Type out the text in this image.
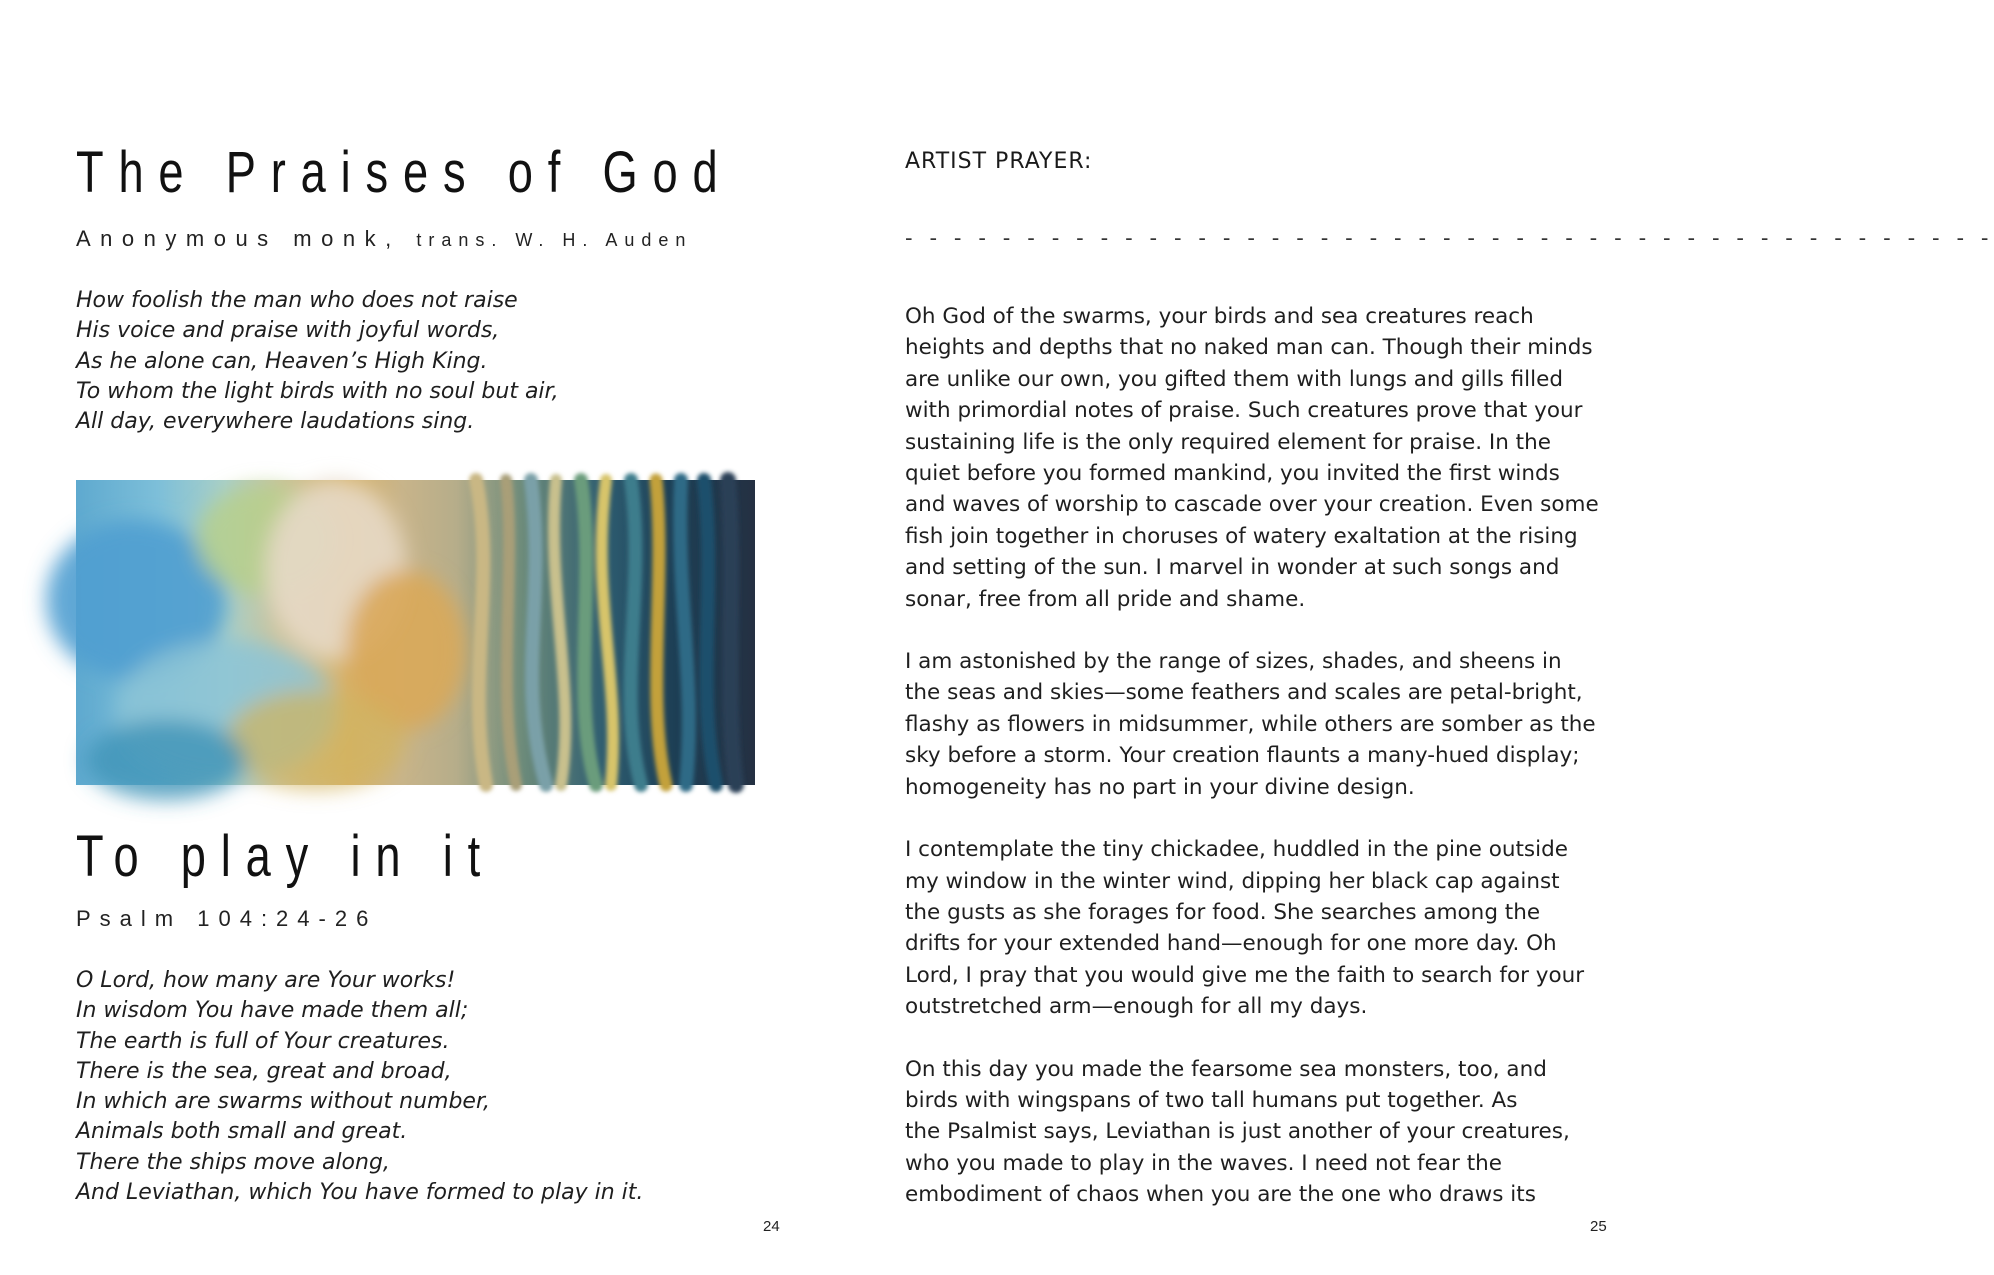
The Praises of God
Anonymous monk, trans. W. H. Auden
How foolish the man who does not raise
His voice and praise with joyful words,
As he alone can, Heaven’s High King.
To whom the light birds with no soul but air,
All day, everywhere laudations sing.
To play in it
Psalm 104:24-26
O Lord, how many are Your works!
In wisdom You have made them all;
The earth is full of Your creatures.
There is the sea, great and broad,
In which are swarms without number,
Animals both small and great.
There the ships move along,
And Leviathan, which You have formed to play in it.
24
ARTIST PRAYER:
- - - - - - - - - - - - - - - - - - - - - - - - - - - - - - - - - - - - - - - - - - - - -

Oh God of the swarms, your birds and sea creatures reach
heights and depths that no naked man can. Though their minds
are unlike our own, you gifted them with lungs and gills filled
with primordial notes of praise. Such creatures prove that your
sustaining life is the only required element for praise. In the
quiet before you formed mankind, you invited the first winds
and waves of worship to cascade over your creation. Even some
fish join together in choruses of watery exaltation at the rising
and setting of the sun. I marvel in wonder at such songs and
sonar, free from all pride and shame.

I am astonished by the range of sizes, shades, and sheens in
the seas and skies—some feathers and scales are petal-bright,
flashy as flowers in midsummer, while others are somber as the
sky before a storm. Your creation flaunts a many-hued display;
homogeneity has no part in your divine design.

I contemplate the tiny chickadee, huddled in the pine outside
my window in the winter wind, dipping her black cap against
the gusts as she forages for food. She searches among the
drifts for your extended hand—enough for one more day. Oh
Lord, I pray that you would give me the faith to search for your
outstretched arm—enough for all my days.

On this day you made the fearsome sea monsters, too, and
birds with wingspans of two tall humans put together. As
the Psalmist says, Leviathan is just another of your creatures,
who you made to play in the waves. I need not fear the
embodiment of chaos when you are the one who draws its

25
